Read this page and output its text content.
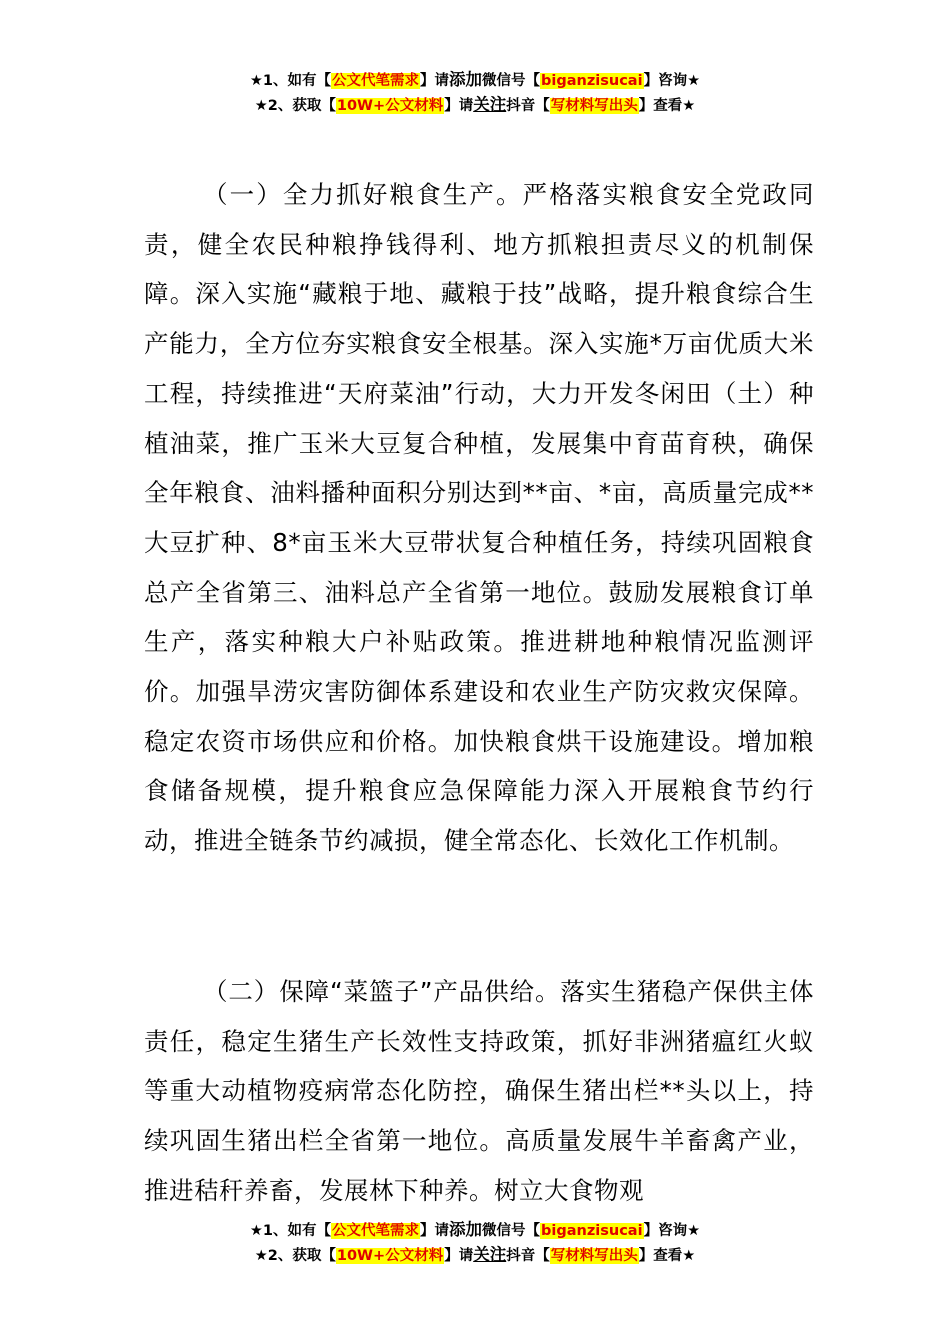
★1、如有【公文代笔需求】请添加微信号【biganzisucai】咨询★
★2、获取【10W+公文材料】请关注抖音【写材料写出头】查看★

（一）全力抓好粮食生产。严格落实粮食安全党政同责，健全农民种粮挣钱得利、地方抓粮担责尽义的机制保障。深入实施“藏粮于地、藏粮于技”战略，提升粮食综合生产能力，全方位夯实粮食安全根基。深入实施*万亩优质大米工程，持续推进“天府菜油”行动，大力开发冬闲田（土）种植油菜，推广玉米大豆复合种植，发展集中育苗育秧，确保全年粮食、油料播种面积分别达到**亩、*亩，高质量完成**大豆扩种、8*亩玉米大豆带状复合种植任务，持续巩固粮食总产全省第三、油料总产全省第一地位。鼓励发展粮食订单生产，落实种粮大户补贴政策。推进耕地种粮情况监测评价。加强旱涝灾害防御体系建设和农业生产防灾救灾保障。稳定农资市场供应和价格。加快粮食烘干设施建设。增加粮食储备规模，提升粮食应急保障能力深入开展粮食节约行动，推进全链条节约减损，健全常态化、长效化工作机制。

（二）保障“菜篮子”产品供给。落实生猪稳产保供主体责任，稳定生猪生产长效性支持政策，抓好非洲猪瘟红火蚁等重大动植物疫病常态化防控，确保生猪出栏**头以上，持续巩固生猪出栏全省第一地位。高质量发展牛羊畜禽产业，推进秸秆养畜，发展林下种养。树立大食物观

★1、如有【公文代笔需求】请添加微信号【biganzisucai】咨询★
★2、获取【10W+公文材料】请关注抖音【写材料写出头】查看★
